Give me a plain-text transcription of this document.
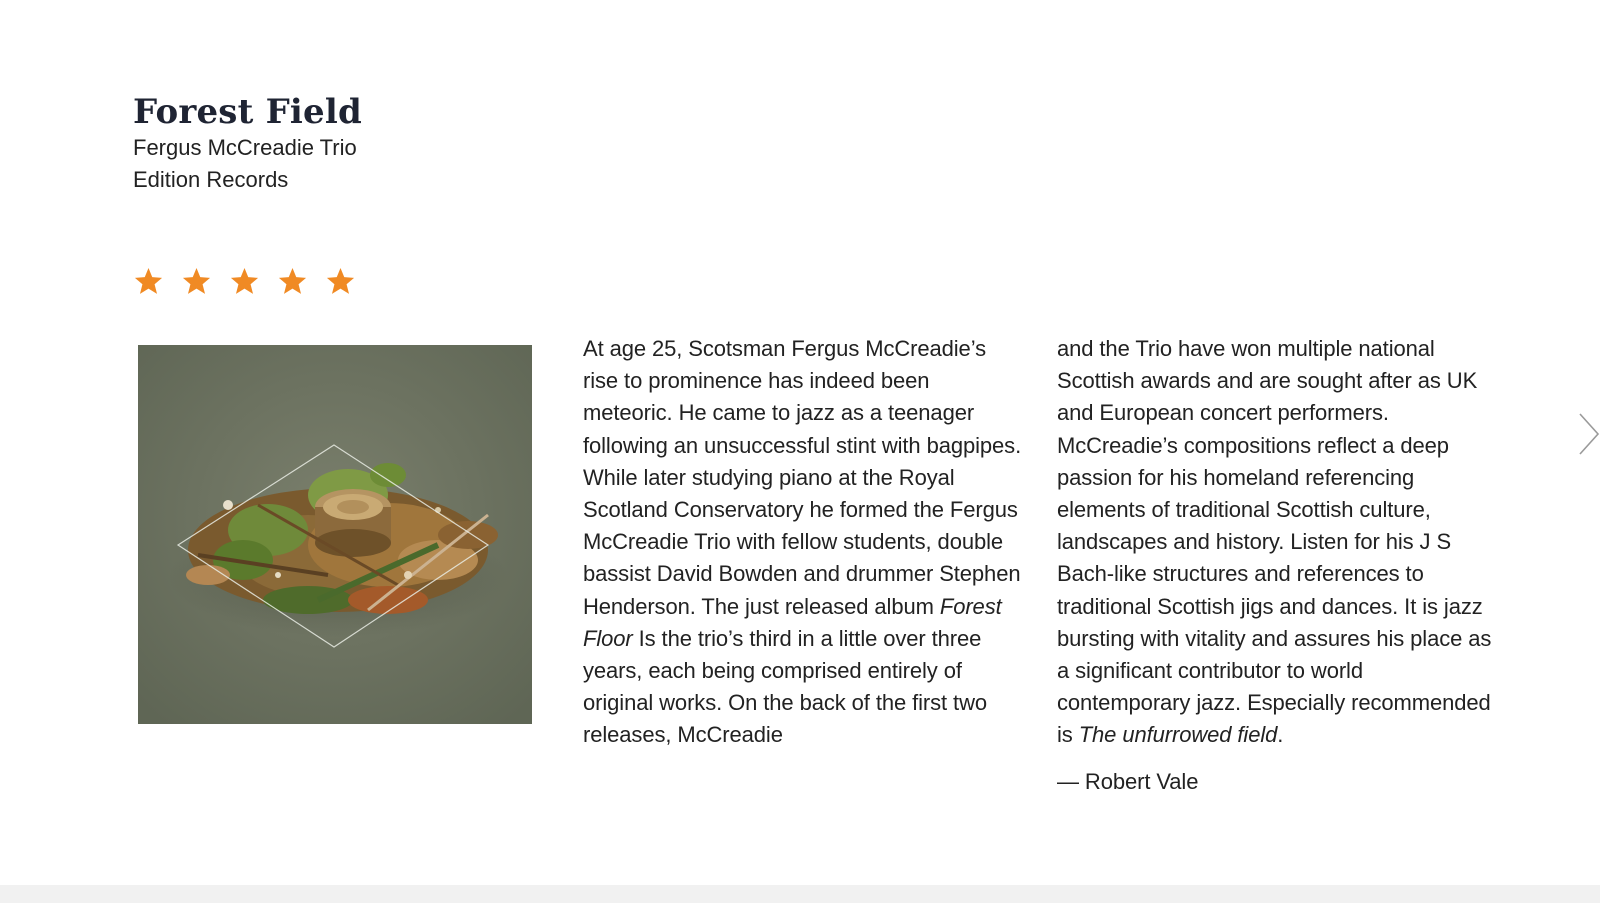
Forest Field

Fergus McCreadie Trio

Edition Records

At age 25, Scotsman Fergus McCreadie’s rise to prominence has indeed been meteoric. He came to jazz as a teenager following an unsuccessful stint with bagpipes. While later studying piano at the Royal Scotland Conservatory he formed the Fergus McCreadie Trio with fellow students, double bassist David Bowden and drummer Stephen Henderson. The just released album Forest Floor Is the trio’s third in a little over three years, each being comprised entirely of original works. On the back of the first two releases, McCreadie

and the Trio have won multiple national Scottish awards and are sought after as UK and European concert performers. McCreadie’s compositions reflect a deep passion for his homeland referencing elements of traditional Scottish culture, landscapes and history. Listen for his J S Bach-like structures and references to traditional Scottish jigs and dances. It is jazz bursting with vitality and assures his place as a significant contributor to world contemporary jazz. Especially recommended is The unfurrowed field.

— Robert Vale
